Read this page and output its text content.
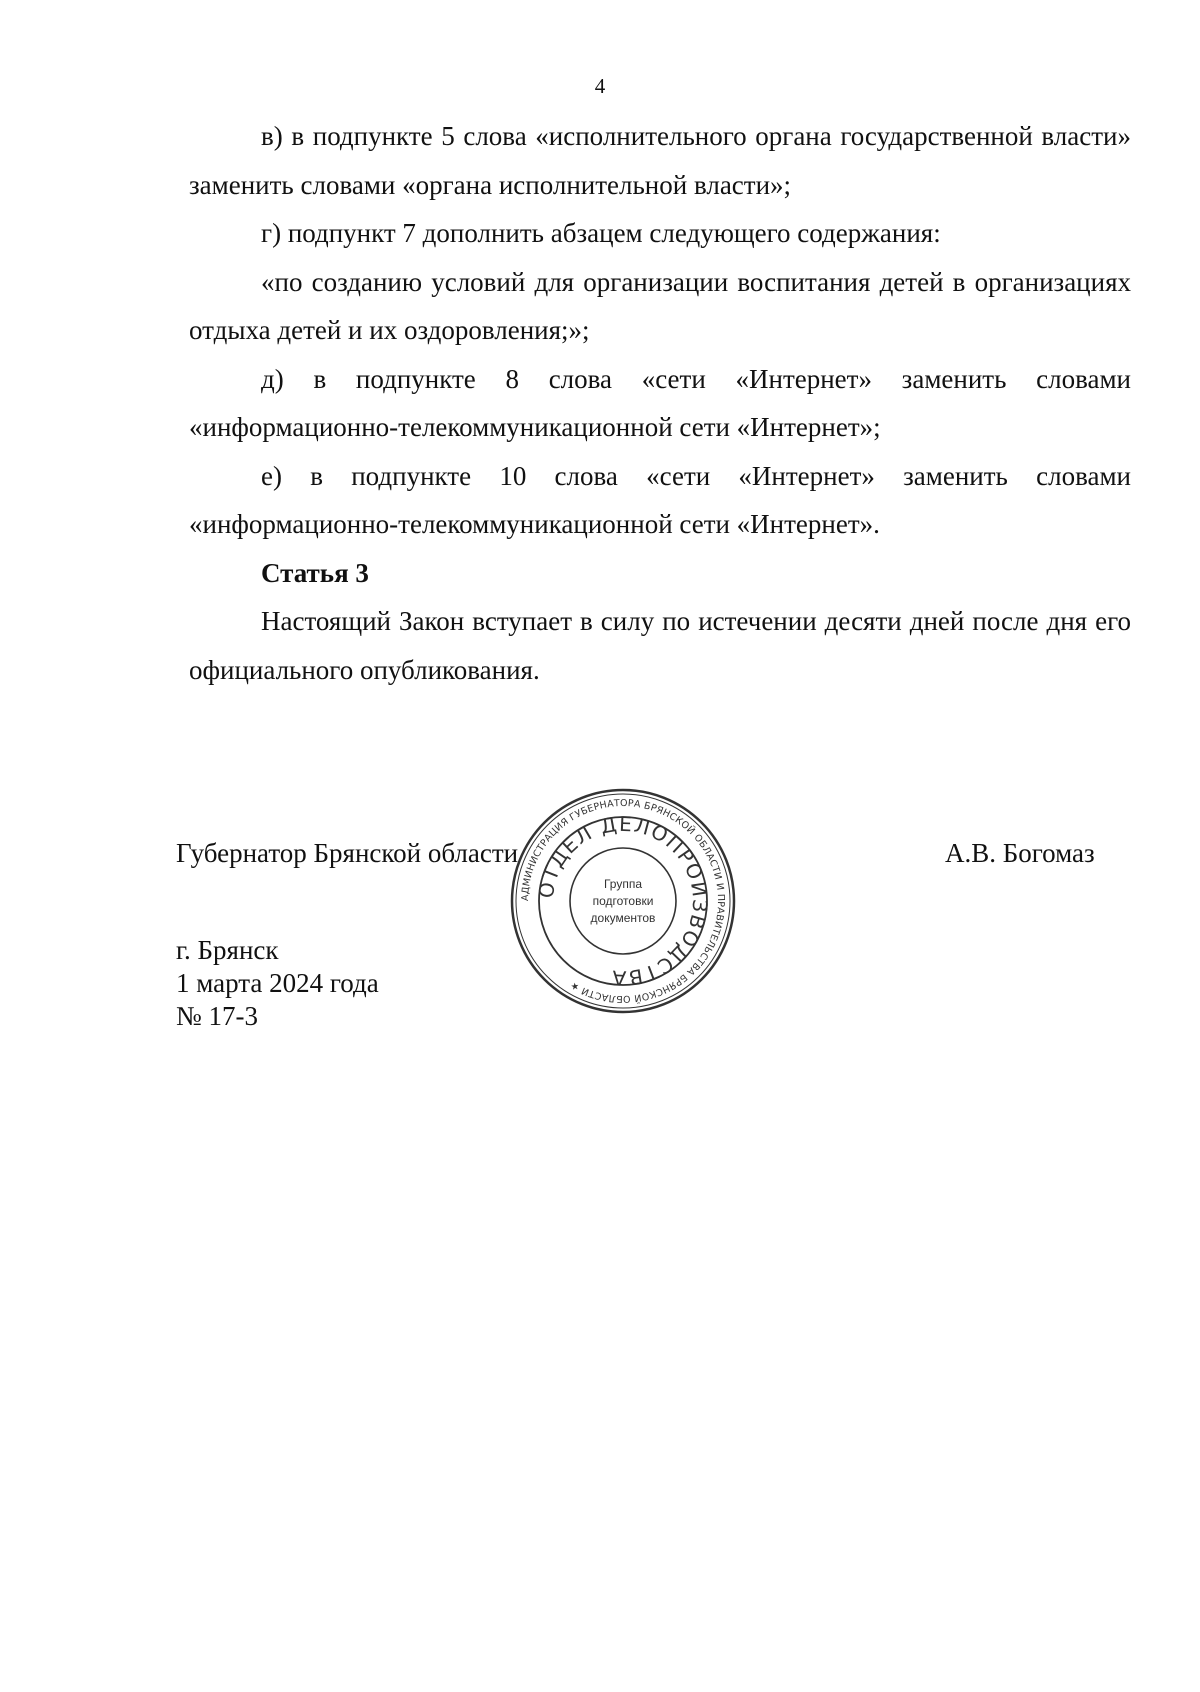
4

в) в подпункте 5 слова «исполнительного органа государственной власти» заменить словами «органа исполнительной власти»;

г) подпункт 7 дополнить абзацем следующего содержания:

«по созданию условий для организации воспитания детей в организациях отдыха детей и их оздоровления;»;

д) в подпункте 8 слова «сети «Интернет» заменить словами «информационно-телекоммуникационной сети «Интернет»;

е) в подпункте 10 слова «сети «Интернет» заменить словами «информационно-телекоммуникационной сети «Интернет».

Статья 3

Настоящий Закон вступает в силу по истечении десяти дней после дня его официального опубликования.

Губернатор Брянской области	А.В. Богомаз
г. Брянск
1 марта 2024 года
№ 17-3
АДМИНИСТРАЦИЯ ГУБЕРНАТОРА БРЯНСКОЙ ОБЛАСТИ И ПРАВИТЕЛЬСТВА БРЯНСКОЙ ОБЛАСТИ ★
ОТДЕЛ ДЕЛОПРОИЗВОДСТВА
Группа
подготовки
документов
